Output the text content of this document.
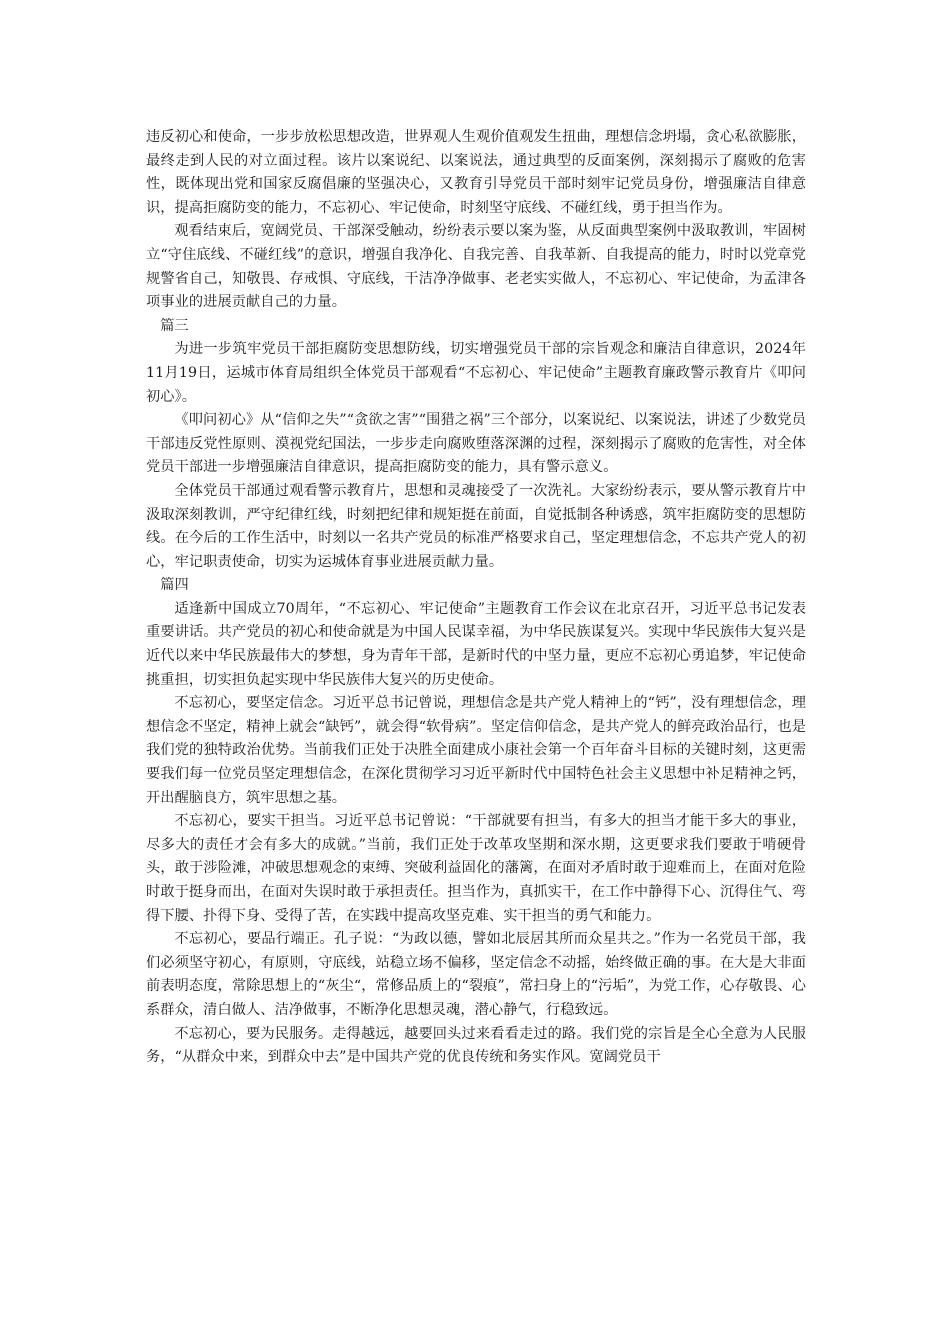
违反初心和使命，一步步放松思想改造，世界观人生观价值观发生扭曲，理想信念坍塌，贪心私欲膨胀，最终走到人民的对立面过程。该片以案说纪、以案说法，通过典型的反面案例，深刻揭示了腐败的危害性，既体现出党和国家反腐倡廉的坚强决心，又教育引导党员干部时刻牢记党员身份，增强廉洁自律意识，提高拒腐防变的能力，不忘初心、牢记使命，时刻坚守底线、不碰红线，勇于担当作为。

观看结束后，宽阔党员、干部深受触动，纷纷表示要以案为鉴，从反面典型案例中汲取教训，牢固树立“守住底线、不碰红线”的意识，增强自我净化、自我完善、自我革新、自我提高的能力，时时以党章党规警省自己，知敬畏、存戒惧、守底线，干洁净净做事、老老实实做人，不忘初心、牢记使命，为孟津各项事业的进展贡献自己的力量。

篇三

为进一步筑牢党员干部拒腐防变思想防线，切实增强党员干部的宗旨观念和廉洁自律意识，2024年11月19日，运城市体育局组织全体党员干部观看“不忘初心、牢记使命”主题教育廉政警示教育片《叩问初心》。

《叩问初心》从“信仰之失”“贪欲之害”“围猎之祸”三个部分，以案说纪、以案说法，讲述了少数党员干部违反党性原则、漠视党纪国法，一步步走向腐败堕落深渊的过程，深刻揭示了腐败的危害性，对全体党员干部进一步增强廉洁自律意识，提高拒腐防变的能力，具有警示意义。

全体党员干部通过观看警示教育片，思想和灵魂接受了一次洗礼。大家纷纷表示，要从警示教育片中汲取深刻教训，严守纪律红线，时刻把纪律和规矩挺在前面，自觉抵制各种诱惑，筑牢拒腐防变的思想防线。在今后的工作生活中，时刻以一名共产党员的标准严格要求自己，坚定理想信念，不忘共产党人的初心，牢记职责使命，切实为运城体育事业进展贡献力量。

篇四

适逢新中国成立70周年，“不忘初心、牢记使命”主题教育工作会议在北京召开，习近平总书记发表重要讲话。共产党员的初心和使命就是为中国人民谋幸福，为中华民族谋复兴。实现中华民族伟大复兴是近代以来中华民族最伟大的梦想，身为青年干部，是新时代的中坚力量，更应不忘初心勇追梦，牢记使命挑重担，切实担负起实现中华民族伟大复兴的历史使命。

不忘初心，要坚定信念。习近平总书记曾说，理想信念是共产党人精神上的“钙”，没有理想信念，理想信念不坚定，精神上就会“缺钙”，就会得“软骨病”。坚定信仰信念，是共产党人的鲜亮政治品行，也是我们党的独特政治优势。当前我们正处于决胜全面建成小康社会第一个百年奋斗目标的关键时刻，这更需要我们每一位党员坚定理想信念，在深化贯彻学习习近平新时代中国特色社会主义思想中补足精神之钙，开出醒脑良方，筑牢思想之基。

不忘初心，要实干担当。习近平总书记曾说：“干部就要有担当，有多大的担当才能干多大的事业，尽多大的责任才会有多大的成就。”当前，我们正处于改革攻坚期和深水期，这更要求我们要敢于啃硬骨头，敢于涉险滩，冲破思想观念的束缚、突破利益固化的藩篱，在面对矛盾时敢于迎难而上，在面对危险时敢于挺身而出，在面对失误时敢于承担责任。担当作为，真抓实干，在工作中静得下心、沉得住气、弯得下腰、扑得下身、受得了苦，在实践中提高攻坚克难、实干担当的勇气和能力。

不忘初心，要品行端正。孔子说：“为政以德，譬如北辰居其所而众星共之。”作为一名党员干部，我们必须坚守初心，有原则，守底线，站稳立场不偏移，坚定信念不动摇，始终做正确的事。在大是大非面前表明态度，常除思想上的“灰尘“，常修品质上的“裂痕”，常扫身上的“污垢”，为党工作，心存敬畏、心系群众，清白做人、洁净做事，不断净化思想灵魂，潜心静气，行稳致远。

不忘初心，要为民服务。走得越远，越要回头过来看看走过的路。我们党的宗旨是全心全意为人民服务，“从群众中来，到群众中去”是中国共产党的优良传统和务实作风。宽阔党员干
